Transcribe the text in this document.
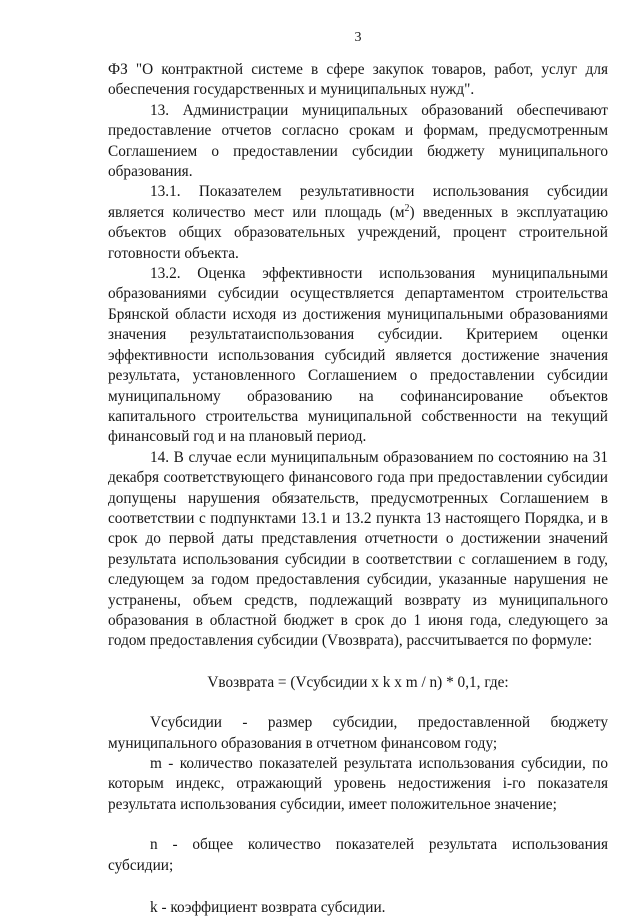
3

ФЗ "О контрактной системе в сфере закупок товаров, работ, услуг для обеспечения государственных и муниципальных нужд".

13. Администрации муниципальных образований обеспечивают предоставление отчетов согласно срокам и формам, предусмотренным Соглашением о предоставлении субсидии бюджету муниципального образования.

13.1. Показателем результативности использования субсидии является количество мест или площадь $(м^2)$ введенных в эксплуатацию объектов общих образовательных учреждений, процент строительной готовности объекта.

13.2. Оценка эффективности использования муниципальными образованиями субсидии осуществляется департаментом строительства Брянской области исходя из достижения муниципальными образованиями значения результатаиспользования субсидии. Критерием оценки эффективности использования субсидий является достижение значения результата, установленного Соглашением о предоставлении субсидии муниципальному образованию на софинансирование объектов капитального строительства муниципальной собственности на текущий финансовый год и на плановый период.

14. В случае если муниципальным образованием по состоянию на 31 декабря соответствующего финансового года при предоставлении субсидии допущены нарушения обязательств, предусмотренных Соглашением в соответствии с подпунктами 13.1 и 13.2 пункта 13 настоящего Порядка, и в срок до первой даты представления отчетности о достижении значений результата использования субсидии в соответствии с соглашением в году, следующем за годом предоставления субсидии, указанные нарушения не устранены, объем средств, подлежащий возврату из муниципального образования в областной бюджет в срок до 1 июня года, следующего за годом предоставления субсидии (Vвозврата), рассчитывается по формуле:

Vвозврата = (Vсубсидии x k x m / n) * 0,1, где:

Vсубсидии - размер субсидии, предоставленной бюджету муниципального образования в отчетном финансовом году;

m - количество показателей результата использования субсидии, по которым индекс, отражающий уровень недостижения i-го показателя результата использования субсидии, имеет положительное значение;

n - общее количество показателей результата использования субсидии;

k - коэффициент возврата субсидии.
